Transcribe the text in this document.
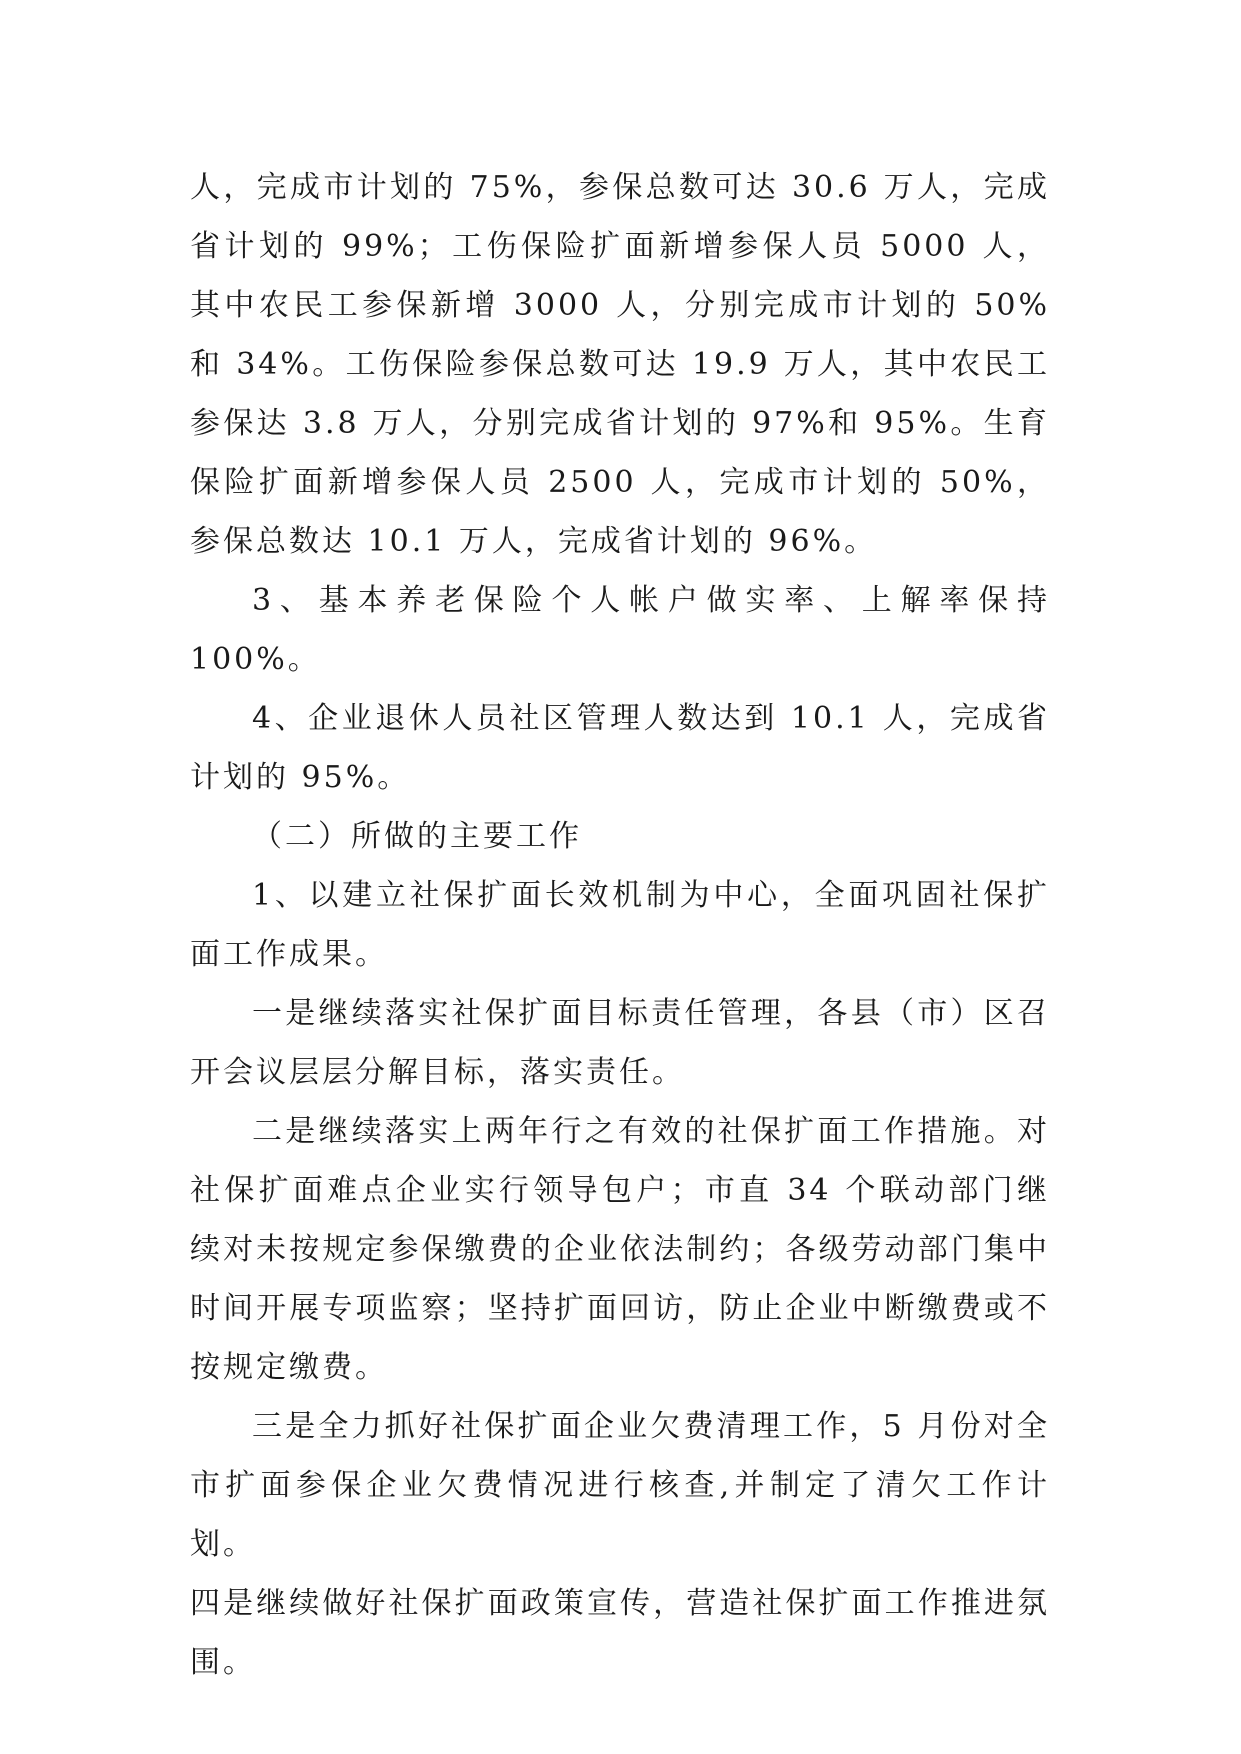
人，完成市计划的 75%，参保总数可达 30.6 万人，完成省计划的 99%；工伤保险扩面新增参保人员 5000 人，其中农民工参保新增 3000 人，分别完成市计划的 50%和 34%。工伤保险参保总数可达 19.9 万人，其中农民工参保达 3.8 万人，分别完成省计划的 97%和 95%。生育保险扩面新增参保人员 2500 人，完成市计划的 50%，参保总数达 10.1 万人，完成省计划的 96%。

3、基本养老保险个人帐户做实率、上解率保持 100%。

4、企业退休人员社区管理人数达到 10.1 人，完成省计划的 95%。

（二）所做的主要工作

1、以建立社保扩面长效机制为中心，全面巩固社保扩面工作成果。

一是继续落实社保扩面目标责任管理，各县（市）区召开会议层层分解目标，落实责任。

二是继续落实上两年行之有效的社保扩面工作措施。对社保扩面难点企业实行领导包户；市直 34 个联动部门继续对未按规定参保缴费的企业依法制约；各级劳动部门集中时间开展专项监察；坚持扩面回访，防止企业中断缴费或不按规定缴费。

三是全力抓好社保扩面企业欠费清理工作，5 月份对全市扩面参保企业欠费情况进行核查,并制定了清欠工作计划。

四是继续做好社保扩面政策宣传，营造社保扩面工作推进氛围。
